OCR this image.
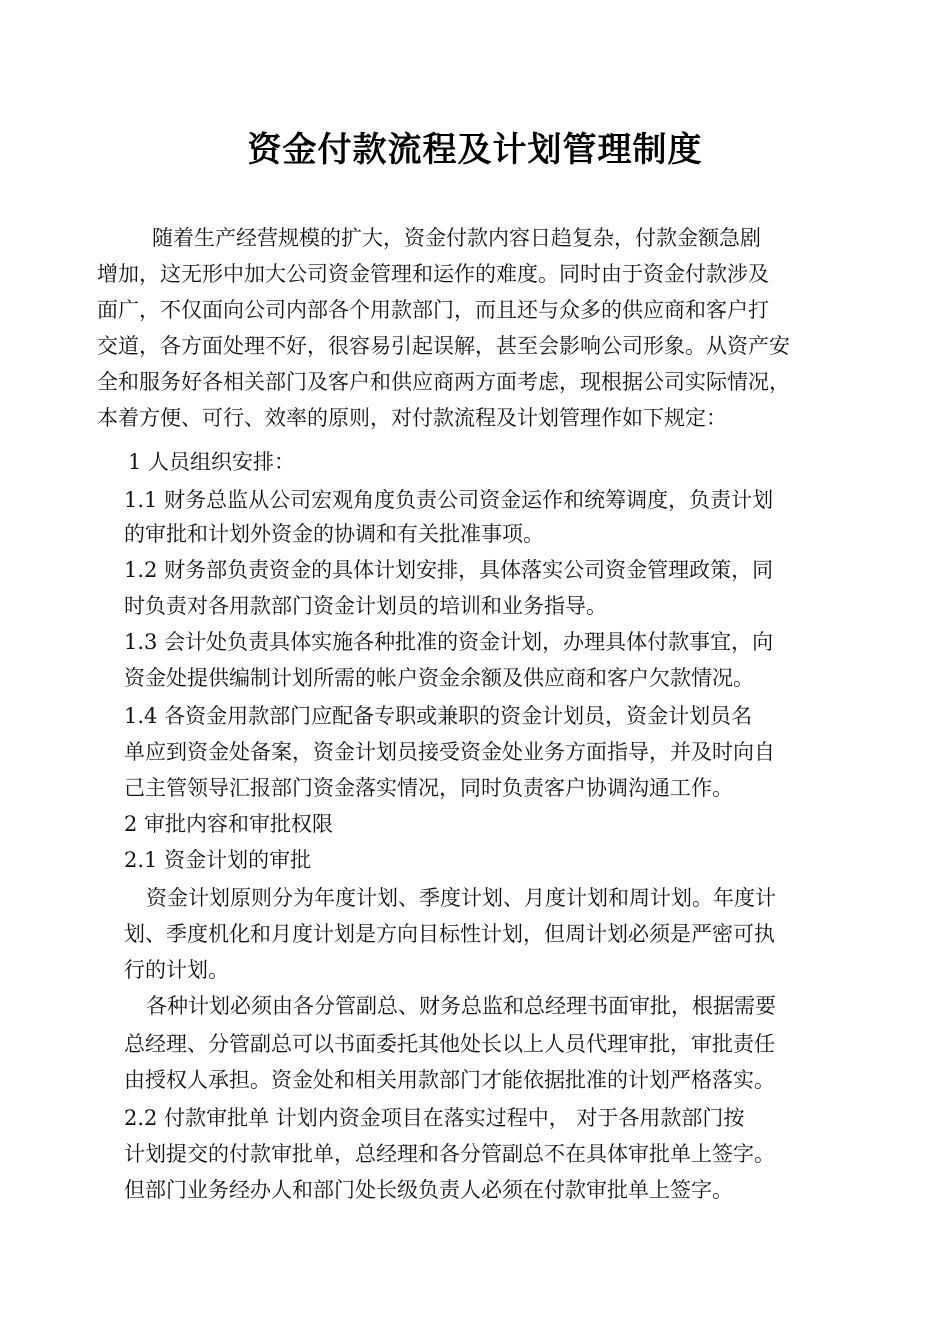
资金付款流程及计划管理制度

随着生产经营规模的扩大，资金付款内容日趋复杂，付款金额急剧

增加，这无形中加大公司资金管理和运作的难度。同时由于资金付款涉及

面广，不仅面向公司内部各个用款部门，而且还与众多的供应商和客户打

交道，各方面处理不好，很容易引起误解，甚至会影响公司形象。从资产安

全和服务好各相关部门及客户和供应商两方面考虑，现根据公司实际情况，

本着方便、可行、效率的原则，对付款流程及计划管理作如下规定：

1 人员组织安排：

1.1 财务总监从公司宏观角度负责公司资金运作和统筹调度，负责计划

的审批和计划外资金的协调和有关批准事项。

1.2 财务部负责资金的具体计划安排，具体落实公司资金管理政策，同

时负责对各用款部门资金计划员的培训和业务指导。

1.3 会计处负责具体实施各种批准的资金计划，办理具体付款事宜，向

资金处提供编制计划所需的帐户资金余额及供应商和客户欠款情况。

1.4 各资金用款部门应配备专职或兼职的资金计划员，资金计划员名

单应到资金处备案，资金计划员接受资金处业务方面指导，并及时向自

己主管领导汇报部门资金落实情况，同时负责客户协调沟通工作。

2 审批内容和审批权限

2.1 资金计划的审批

资金计划原则分为年度计划、季度计划、月度计划和周计划。年度计

划、季度机化和月度计划是方向目标性计划，但周计划必须是严密可执

行的计划。

各种计划必须由各分管副总、财务总监和总经理书面审批，根据需要

总经理、分管副总可以书面委托其他处长以上人员代理审批，审批责任

由授权人承担。资金处和相关用款部门才能依据批准的计划严格落实。

2.2 付款审批单 计划内资金项目在落实过程中， 对于各用款部门按

计划提交的付款审批单，总经理和各分管副总不在具体审批单上签字。

但部门业务经办人和部门处长级负责人必须在付款审批单上签字。
